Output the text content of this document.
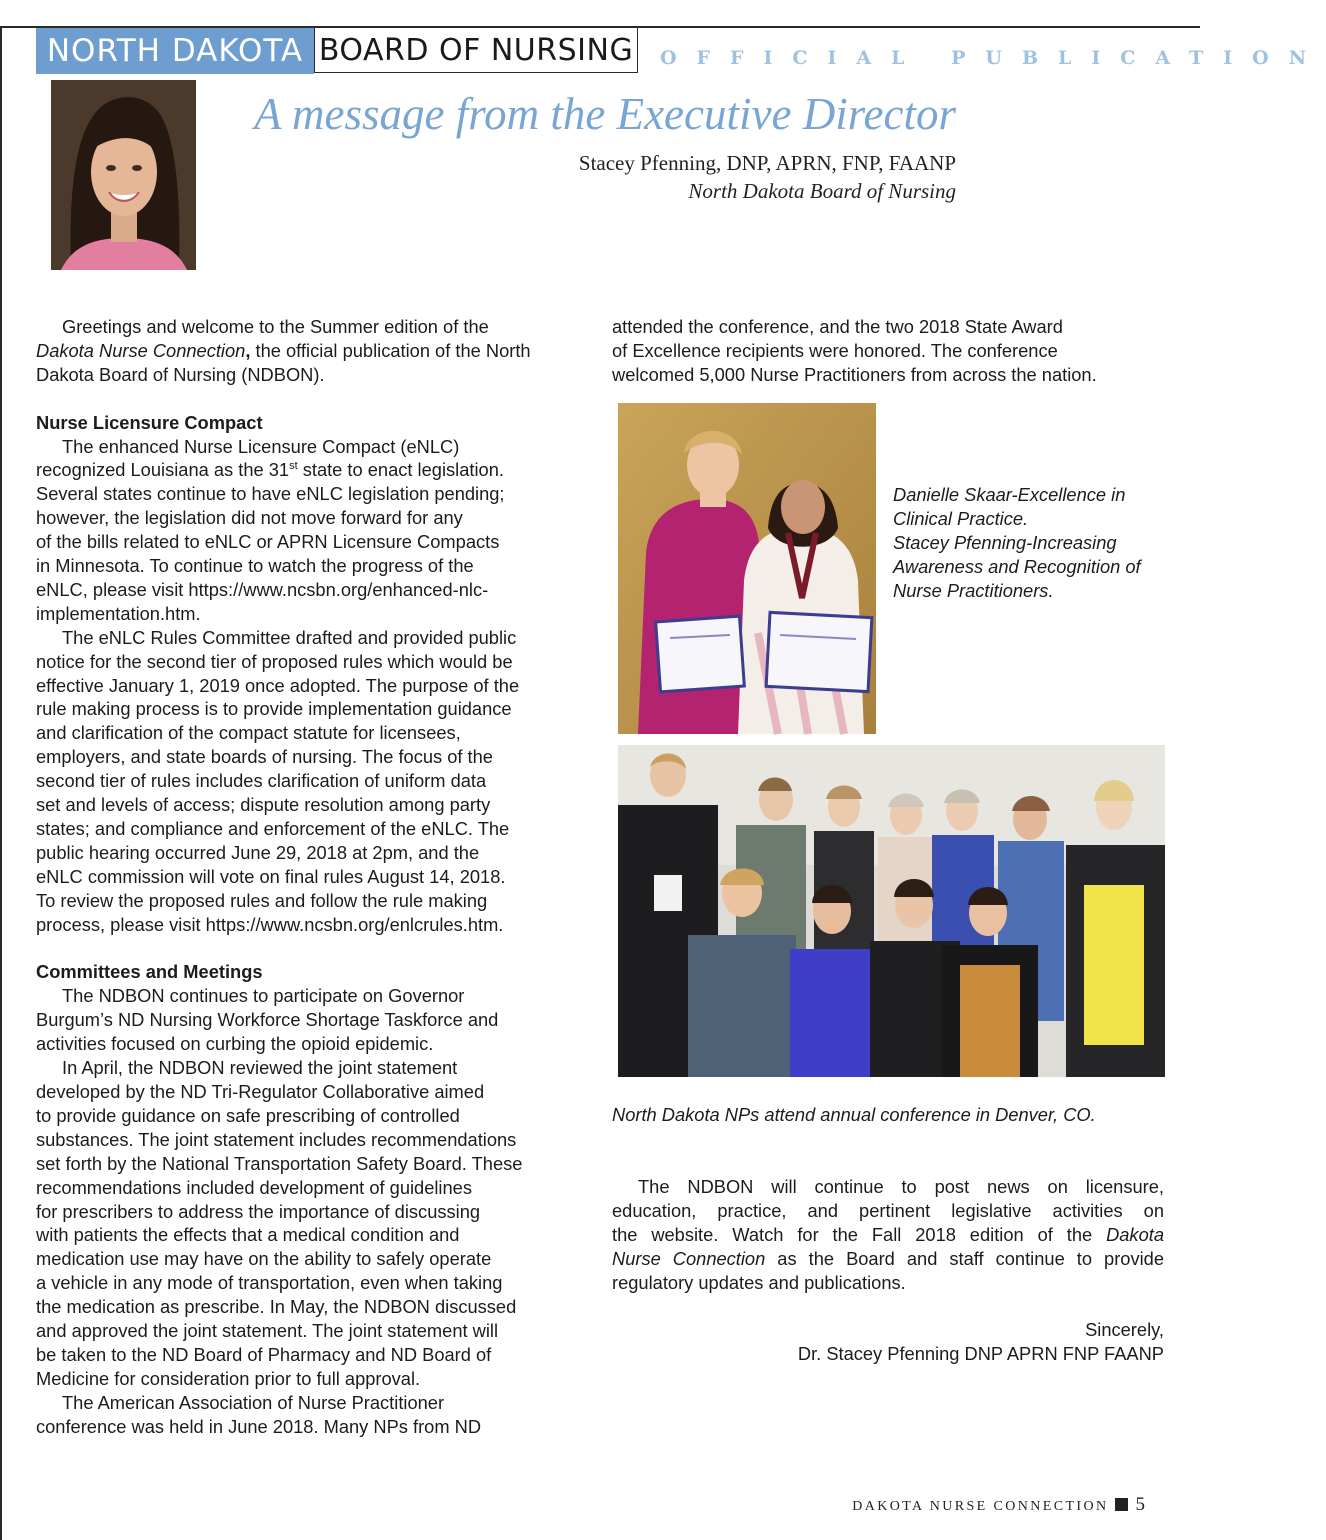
NORTH DAKOTA BOARD OF NURSING OFFICIAL PUBLICATION
A message from the Executive Director
Stacey Pfenning, DNP, APRN, FNP, FAANP
North Dakota Board of Nursing

Greetings and welcome to the Summer edition of the

Dakota Nurse Connection, the official publication of the North

Dakota Board of Nursing (NDBON).

Nurse Licensure Compact

The enhanced Nurse Licensure Compact (eNLC)

recognized Louisiana as the 31st state to enact legislation.

Several states continue to have eNLC legislation pending;

however, the legislation did not move forward for any

of the bills related to eNLC or APRN Licensure Compacts

in Minnesota. To continue to watch the progress of the

eNLC, please visit https://www.ncsbn.org/enhanced-nlc-

implementation.htm.

The eNLC Rules Committee drafted and provided public

notice for the second tier of proposed rules which would be

effective January 1, 2019 once adopted. The purpose of the

rule making process is to provide implementation guidance

and clarification of the compact statute for licensees,

employers, and state boards of nursing. The focus of the

second tier of rules includes clarification of uniform data

set and levels of access; dispute resolution among party

states; and compliance and enforcement of the eNLC. The

public hearing occurred June 29, 2018 at 2pm, and the

eNLC commission will vote on final rules August 14, 2018.

To review the proposed rules and follow the rule making

process, please visit https://www.ncsbn.org/enlcrules.htm.

Committees and Meetings

The NDBON continues to participate on Governor

Burgum’s ND Nursing Workforce Shortage Taskforce and

activities focused on curbing the opioid epidemic.

In April, the NDBON reviewed the joint statement

developed by the ND Tri-Regulator Collaborative aimed

to provide guidance on safe prescribing of controlled

substances. The joint statement includes recommendations

set forth by the National Transportation Safety Board. These

recommendations included development of guidelines

for prescribers to address the importance of discussing

with patients the effects that a medical condition and

medication use may have on the ability to safely operate

a vehicle in any mode of transportation, even when taking

the medication as prescribe. In May, the NDBON discussed

and approved the joint statement. The joint statement will

be taken to the ND Board of Pharmacy and ND Board of

Medicine for consideration prior to full approval.

The American Association of Nurse Practitioner

conference was held in June 2018. Many NPs from ND

attended the conference, and the two 2018 State Award

of Excellence recipients were honored. The conference

welcomed 5,000 Nurse Practitioners from across the nation.

Danielle Skaar-Excellence in

Clinical Practice.

Stacey Pfenning-Increasing

Awareness and Recognition of

Nurse Practitioners.

North Dakota NPs attend annual conference in Denver, CO.

The NDBON will continue to post news on licensure,

education, practice, and pertinent legislative activities on

the website. Watch for the Fall 2018 edition of the Dakota

Nurse Connection as the Board and staff continue to provide

regulatory updates and publications.

Sincerely,
Dr. Stacey Pfenning DNP APRN FNP FAANP
DAKOTA NURSE CONNECTION 5
